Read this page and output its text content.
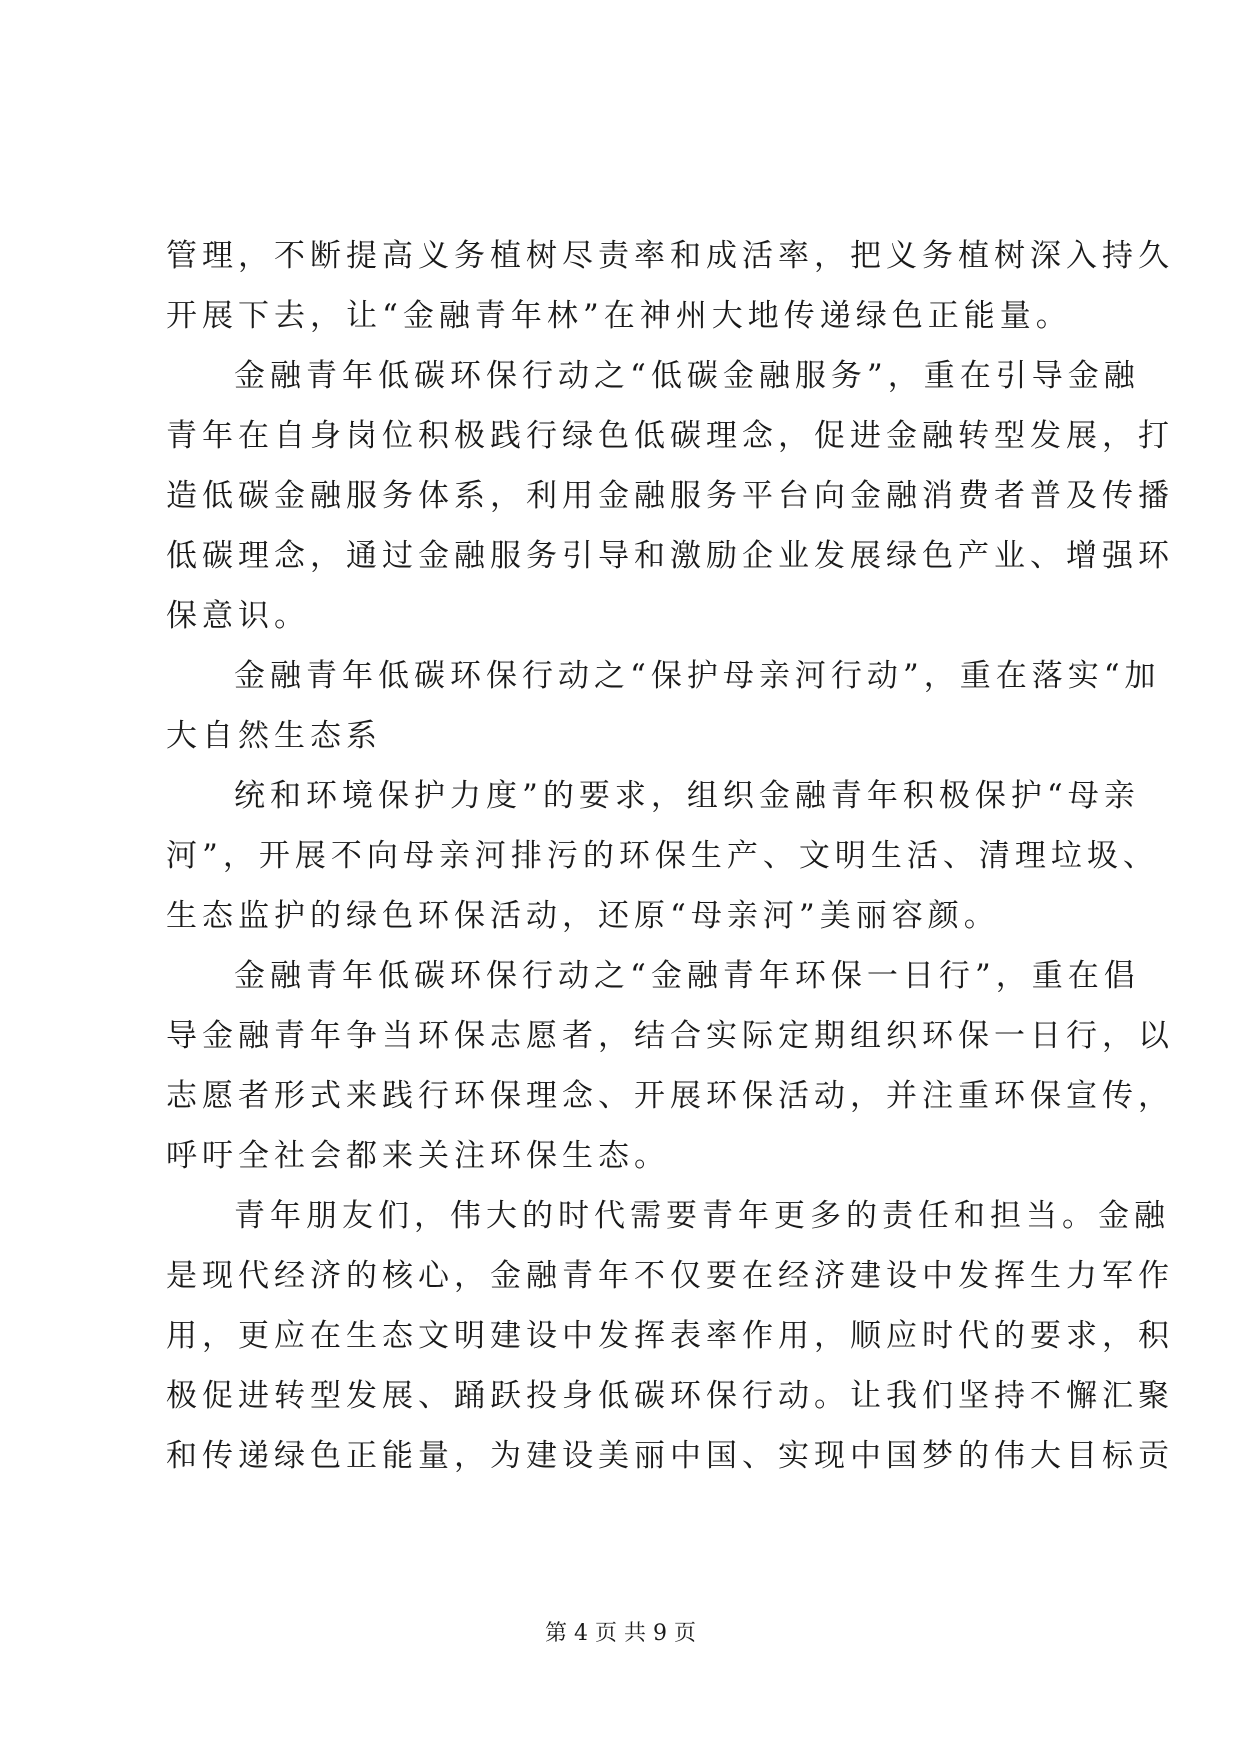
管理，不断提高义务植树尽责率和成活率，把义务植树深入持久
开展下去，让“金融青年林”在神州大地传递绿色正能量。
金融青年低碳环保行动之“低碳金融服务”，重在引导金融
青年在自身岗位积极践行绿色低碳理念，促进金融转型发展，打
造低碳金融服务体系，利用金融服务平台向金融消费者普及传播
低碳理念，通过金融服务引导和激励企业发展绿色产业、增强环
保意识。
金融青年低碳环保行动之“保护母亲河行动”，重在落实“加
大自然生态系
统和环境保护力度”的要求，组织金融青年积极保护“母亲
河”，开展不向母亲河排污的环保生产、文明生活、清理垃圾、
生态监护的绿色环保活动，还原“母亲河”美丽容颜。
金融青年低碳环保行动之“金融青年环保一日行”，重在倡
导金融青年争当环保志愿者，结合实际定期组织环保一日行，以
志愿者形式来践行环保理念、开展环保活动，并注重环保宣传，
呼吁全社会都来关注环保生态。
青年朋友们，伟大的时代需要青年更多的责任和担当。金融
是现代经济的核心，金融青年不仅要在经济建设中发挥生力军作
用，更应在生态文明建设中发挥表率作用，顺应时代的要求，积
极促进转型发展、踊跃投身低碳环保行动。让我们坚持不懈汇聚
和传递绿色正能量，为建设美丽中国、实现中国梦的伟大目标贡
第 4 页 共 9 页
